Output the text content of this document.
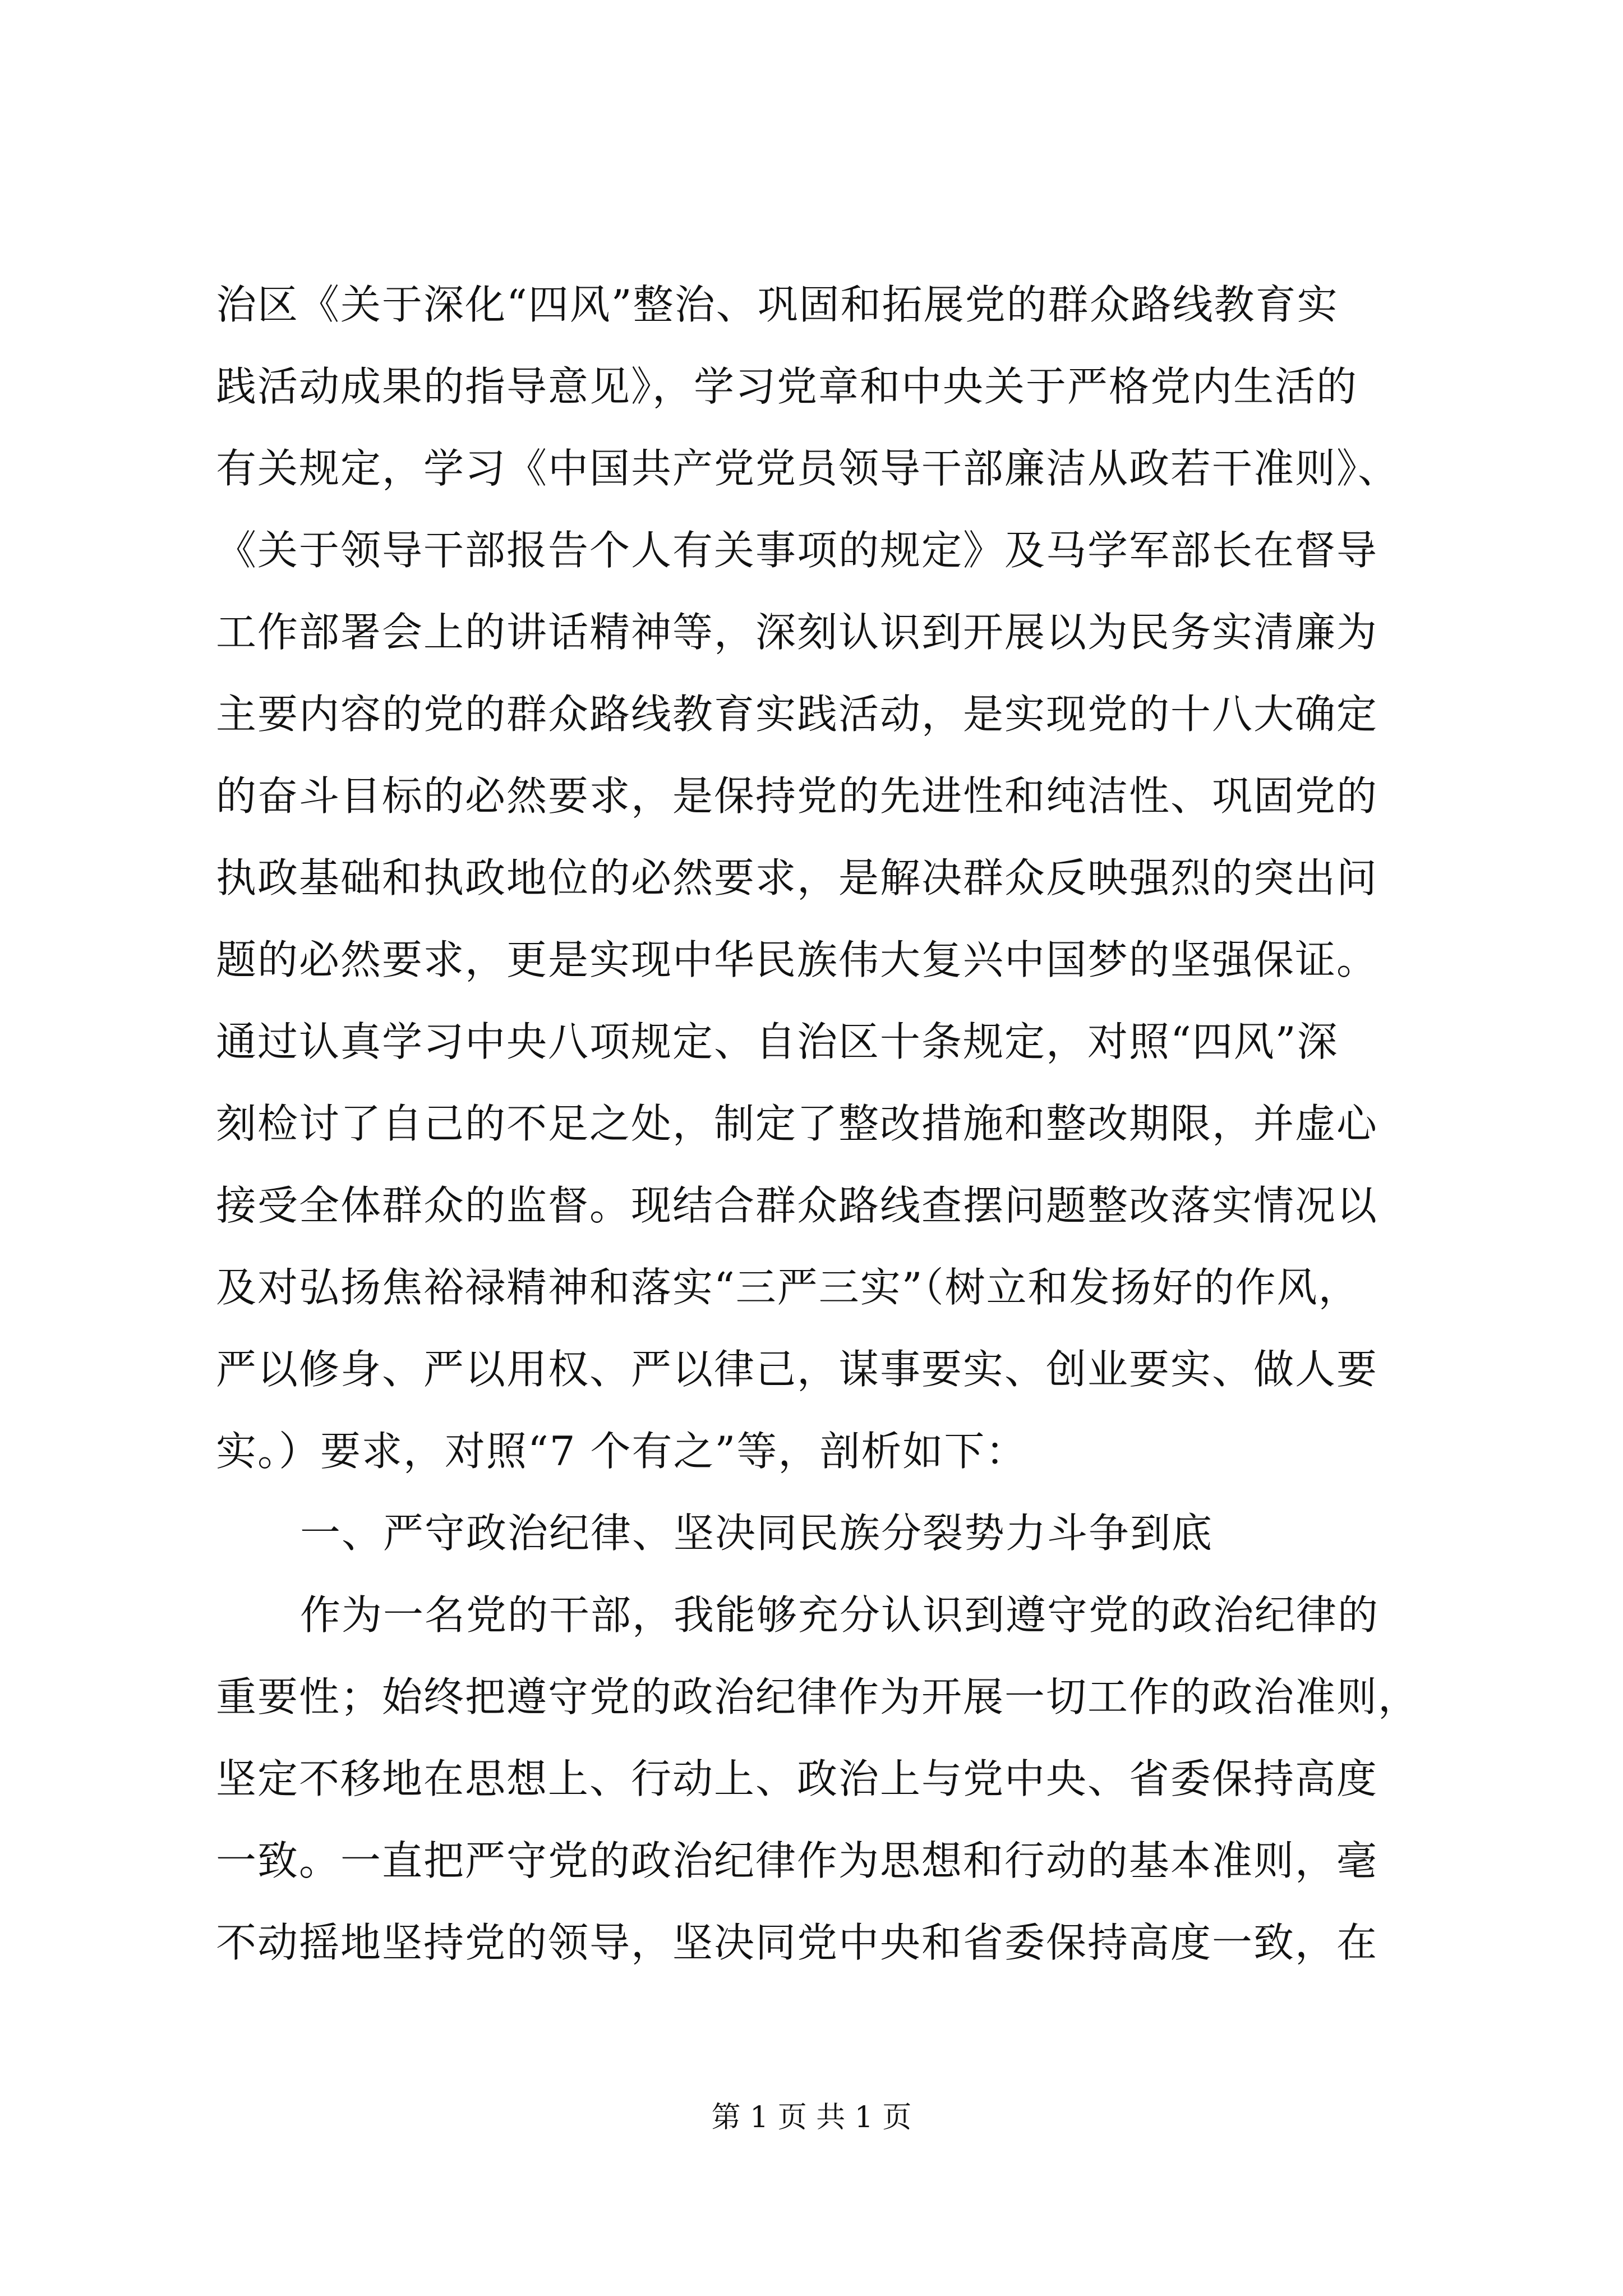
治区《关于深化“四风”整治、巩固和拓展党的群众路线教育实
践活动成果的指导意见》，学习党章和中央关于严格党内生活的
有关规定，学习《中国共产党党员领导干部廉洁从政若干准则》、
《关于领导干部报告个人有关事项的规定》及马学军部长在督导
工作部署会上的讲话精神等，深刻认识到开展以为民务实清廉为
主要内容的党的群众路线教育实践活动，是实现党的十八大确定
的奋斗目标的必然要求，是保持党的先进性和纯洁性、巩固党的
执政基础和执政地位的必然要求，是解决群众反映强烈的突出问
题的必然要求，更是实现中华民族伟大复兴中国梦的坚强保证。
通过认真学习中央八项规定、自治区十条规定，对照“四风”深
刻检讨了自己的不足之处，制定了整改措施和整改期限，并虚心
接受全体群众的监督。现结合群众路线查摆问题整改落实情况以
及对弘扬焦裕禄精神和落实“三严三实”（树立和发扬好的作风，
严以修身、严以用权、严以律己，谋事要实、创业要实、做人要
实。）要求，对照“7 个有之”等，剖析如下：
一、严守政治纪律、坚决同民族分裂势力斗争到底
作为一名党的干部，我能够充分认识到遵守党的政治纪律的
重要性；始终把遵守党的政治纪律作为开展一切工作的政治准则，
坚定不移地在思想上、行动上、政治上与党中央、省委保持高度
一致。一直把严守党的政治纪律作为思想和行动的基本准则，毫
不动摇地坚持党的领导，坚决同党中央和省委保持高度一致，在
第 1 页 共 1 页
